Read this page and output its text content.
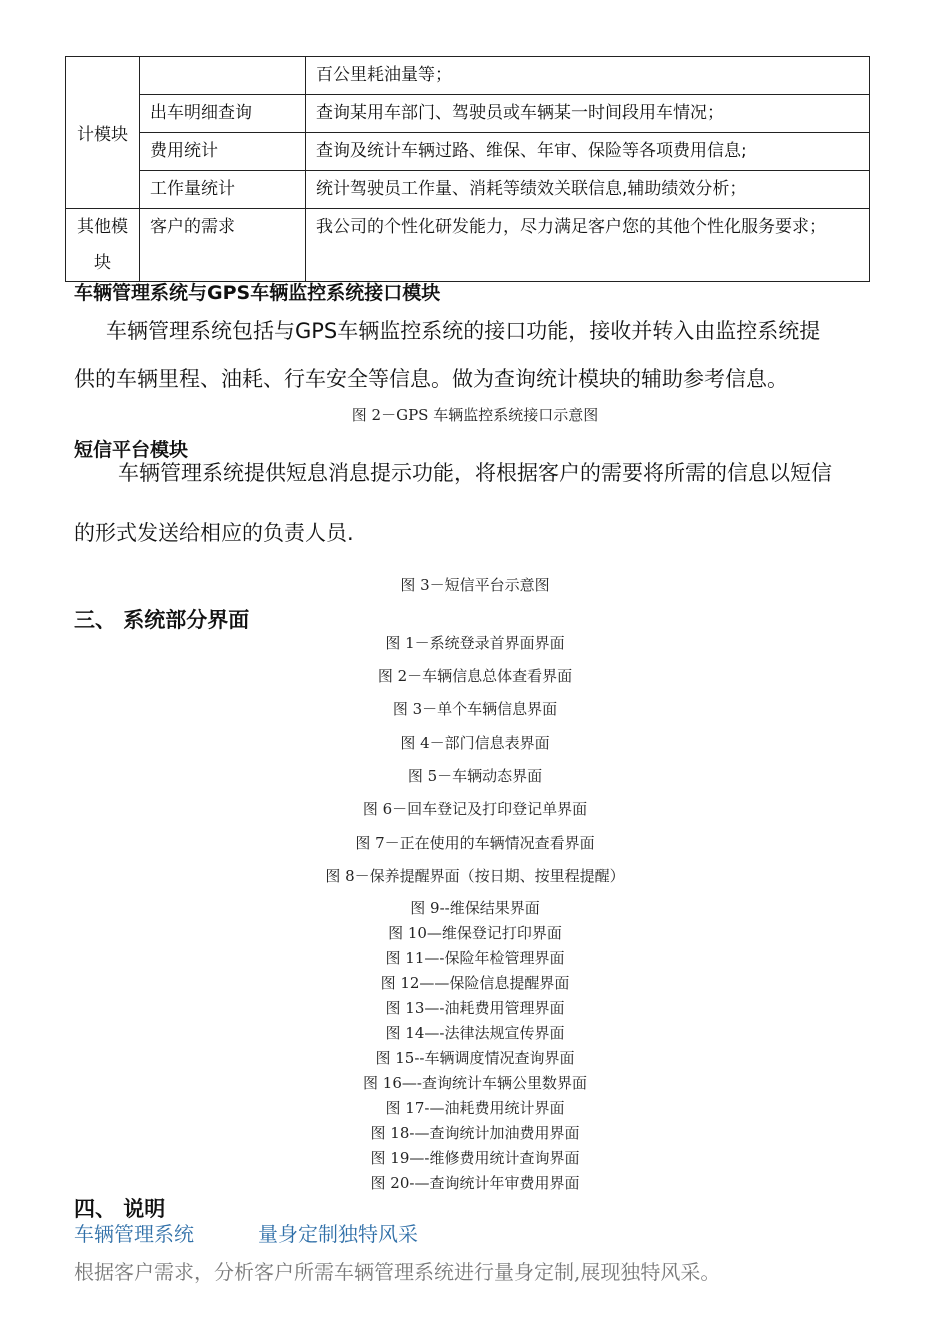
计模块		百公里耗油量等；
	出车明细查询	查询某用车部门、驾驶员或车辆某一时间段用车情况；
	费用统计	查询及统计车辆过路、维保、年审、保险等各项费用信息;
	工作量统计	统计驾驶员工作量、消耗等绩效关联信息,辅助绩效分析；
其他模块	客户的需求	我公司的个性化研发能力，尽力满足客户您的其他个性化服务要求；
车辆管理系统与GPS车辆监控系统接口模块
车辆管理系统包括与GPS车辆监控系统的接口功能，接收并转入由监控系统提
供的车辆里程、油耗、行车安全等信息。做为查询统计模块的辅助参考信息。
图 2－GPS 车辆监控系统接口示意图
短信平台模块
车辆管理系统提供短息消息提示功能，将根据客户的需要将所需的信息以短信
的形式发送给相应的负责人员.
图 3－短信平台示意图
三、 系统部分界面
图 1－系统登录首界面界面
图 2－车辆信息总体查看界面
图 3－单个车辆信息界面
图 4－部门信息表界面
图 5－车辆动态界面
图 6－回车登记及打印登记单界面
图 7－正在使用的车辆情况查看界面
图 8－保养提醒界面（按日期、按里程提醒）
图 9--维保结果界面
图 10—维保登记打印界面
图 11—-保险年检管理界面
图 12——保险信息提醒界面
图 13—-油耗费用管理界面
图 14—-法律法规宣传界面
图 15--车辆调度情况查询界面
图 16—-查询统计车辆公里数界面
图 17-—油耗费用统计界面
图 18-—查询统计加油费用界面
图 19—-维修费用统计查询界面
图 20-—查询统计年审费用界面
四、 说明
车辆管理系统	量身定制独特风采
根据客户需求，分析客户所需车辆管理系统进行量身定制,展现独特风采。
